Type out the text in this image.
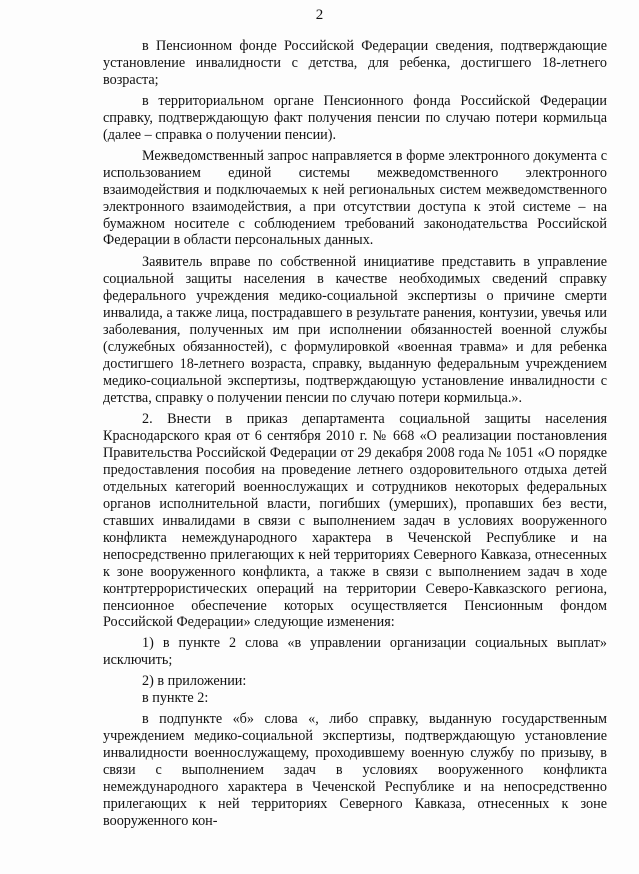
2

в Пенсионном фонде Российской Федерации сведения, подтверждающие установление инвалидности с детства, для ребенка, достигшего 18-летнего возраста;

в территориальном органе Пенсионного фонда Российской Федерации справку, подтверждающую факт получения пенсии по случаю потери кормильца (далее – справка о получении пенсии).

Межведомственный запрос направляется в форме электронного документа с использованием единой системы межведомственного электронного взаимодействия и подключаемых к ней региональных систем межведомственного электронного взаимодействия, а при отсутствии доступа к этой системе – на бумажном носителе с соблюдением требований законодательства Российской Федерации в области персональных данных.

Заявитель вправе по собственной инициативе представить в управление социальной защиты населения в качестве необходимых сведений справку федерального учреждения медико-социальной экспертизы о причине смерти инвалида, а также лица, пострадавшего в результате ранения, контузии, увечья или заболевания, полученных им при исполнении обязанностей военной службы (служебных обязанностей), с формулировкой «военная травма» и для ребенка достигшего 18-летнего возраста, справку, выданную федеральным учреждением медико-социальной экспертизы, подтверждающую установление инвалидности с детства, справку о получении пенсии по случаю потери кормильца.».

2. Внести в приказ департамента социальной защиты населения Краснодарского края от 6 сентября 2010 г. № 668 «О реализации постановления Правительства Российской Федерации от 29 декабря 2008 года № 1051 «О порядке предоставления пособия на проведение летнего оздоровительного отдыха детей отдельных категорий военнослужащих и сотрудников некоторых федеральных органов исполнительной власти, погибших (умерших), пропавших без вести, ставших инвалидами в связи с выполнением задач в условиях вооруженного конфликта немеждународного характера в Чеченской Республике и на непосредственно прилегающих к ней территориях Северного Кавказа, отнесенных к зоне вооруженного конфликта, а также в связи с выполнением задач в ходе контртеррористических операций на территории Северо-Кавказского региона, пенсионное обеспечение которых осуществляется Пенсионным фондом Российской Федерации» следующие изменения:

1) в пункте 2 слова «в управлении организации социальных выплат» исключить;

2) в приложении:

в пункте 2:

в подпункте «б» слова «, либо справку, выданную государственным учреждением медико-социальной экспертизы, подтверждающую установление инвалидности военнослужащему, проходившему военную службу по призыву, в связи с выполнением задач в условиях вооруженного конфликта немеждународного характера в Чеченской Республике и на непосредственно прилегающих к ней территориях Северного Кавказа, отнесенных к зоне вооруженного кон-
